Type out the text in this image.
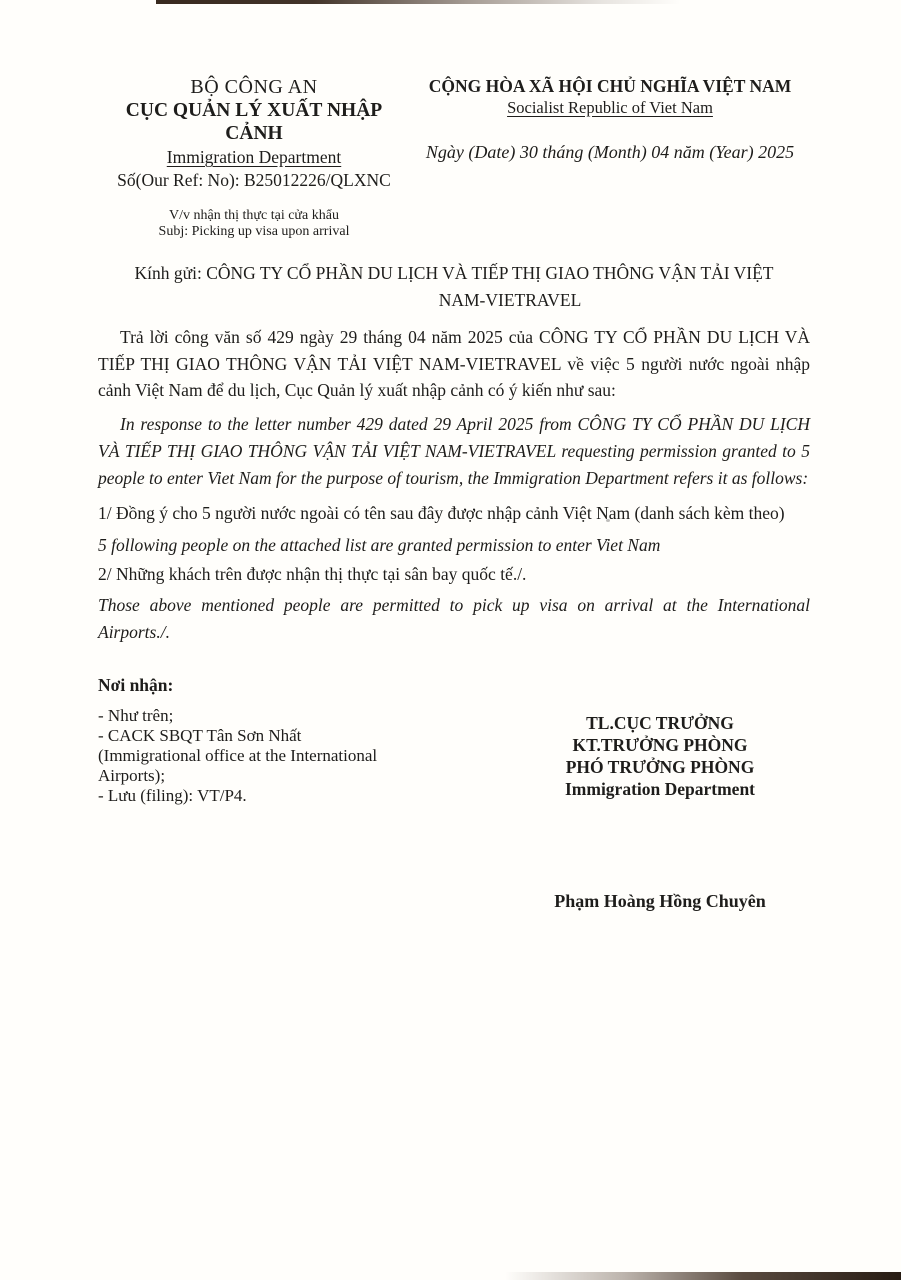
BỘ CÔNG AN
CỤC QUẢN LÝ XUẤT NHẬP CẢNH
Immigration Department
Số(Our Ref: No): B25012226/QLXNC
CỘNG HÒA XÃ HỘI CHỦ NGHĨA VIỆT NAM
Socialist Republic of Viet Nam
Ngày (Date) 30 tháng (Month) 04 năm (Year) 2025
V/v nhận thị thực tại cửa khẩu
Subj: Picking up visa upon arrival
Kính gửi: CÔNG TY CỔ PHẦN DU LỊCH VÀ TIẾP THỊ GIAO THÔNG VẬN TẢI VIỆT
NAM-VIETRAVEL
Trả lời công văn số 429 ngày 29 tháng 04 năm 2025 của CÔNG TY CỔ PHẦN DU LỊCH VÀ TIẾP THỊ GIAO THÔNG VẬN TẢI VIỆT NAM-VIETRAVEL về việc 5 người nước ngoài nhập cảnh Việt Nam để du lịch, Cục Quản lý xuất nhập cảnh có ý kiến như sau:
In response to the letter number 429 dated 29 April 2025 from CÔNG TY CỔ PHẦN DU LỊCH VÀ TIẾP THỊ GIAO THÔNG VẬN TẢI VIỆT NAM-VIETRAVEL requesting permission granted to 5 people to enter Viet Nam for the purpose of tourism, the Immigration Department refers it as follows:
1/ Đồng ý cho 5 người nước ngoài có tên sau đây được nhập cảnh Việt Nam (danh sách kèm theo)
5 following people on the attached list are granted permission to enter Viet Nam
2/ Những khách trên được nhận thị thực tại sân bay quốc tế./.
Those above mentioned people are permitted to pick up visa on arrival at the International Airports./.
Nơi nhận:
- Như trên;
- CACK SBQT Tân Sơn Nhất
(Immigrational office at the International
Airports);
- Lưu (filing): VT/P4.
TL.CỤC TRƯỞNG
KT.TRƯỞNG PHÒNG
PHÓ TRƯỞNG PHÒNG
Immigration Department
Phạm Hoàng Hồng Chuyên
